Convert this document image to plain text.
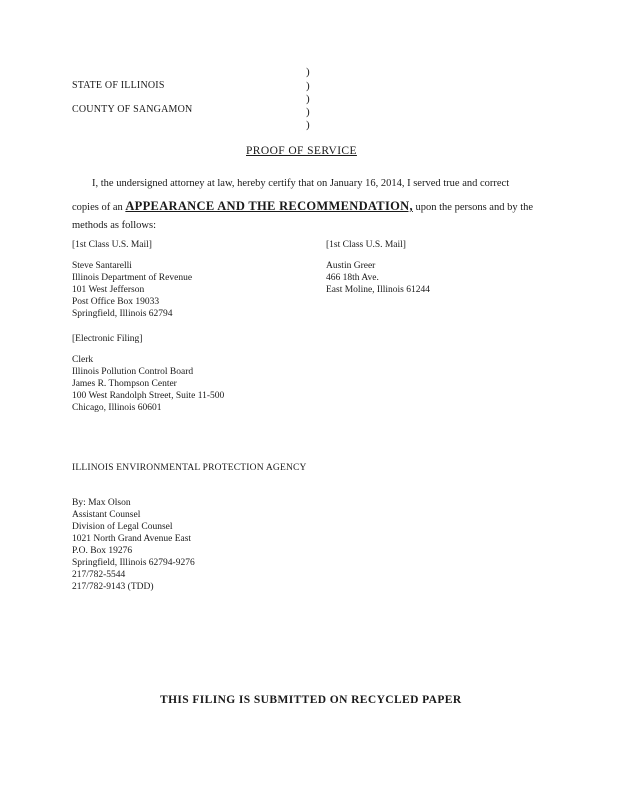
STATE OF ILLINOIS
COUNTY OF SANGAMON
)
)
)
)
)
PROOF OF SERVICE
I, the undersigned attorney at law, hereby certify that on January 16, 2014, I served true and correct
copies of an APPEARANCE AND THE RECOMMENDATION, upon the persons and by the
methods as follows:
[1st Class U.S. Mail]
Steve Santarelli
Illinois Department of Revenue
101 West Jefferson
Post Office Box 19033
Springfield, Illinois 62794
[1st Class U.S. Mail]
Austin Greer
466 18th Ave.
East Moline, Illinois 61244
[Electronic Filing]
Clerk
Illinois Pollution Control Board
James R. Thompson Center
100 West Randolph Street, Suite 11-500
Chicago, Illinois 60601
ILLINOIS ENVIRONMENTAL PROTECTION AGENCY
By: Max Olson
Assistant Counsel
Division of Legal Counsel
1021 North Grand Avenue East
P.O. Box 19276
Springfield, Illinois 62794-9276
217/782-5544
217/782-9143 (TDD)
THIS FILING IS SUBMITTED ON RECYCLED PAPER
